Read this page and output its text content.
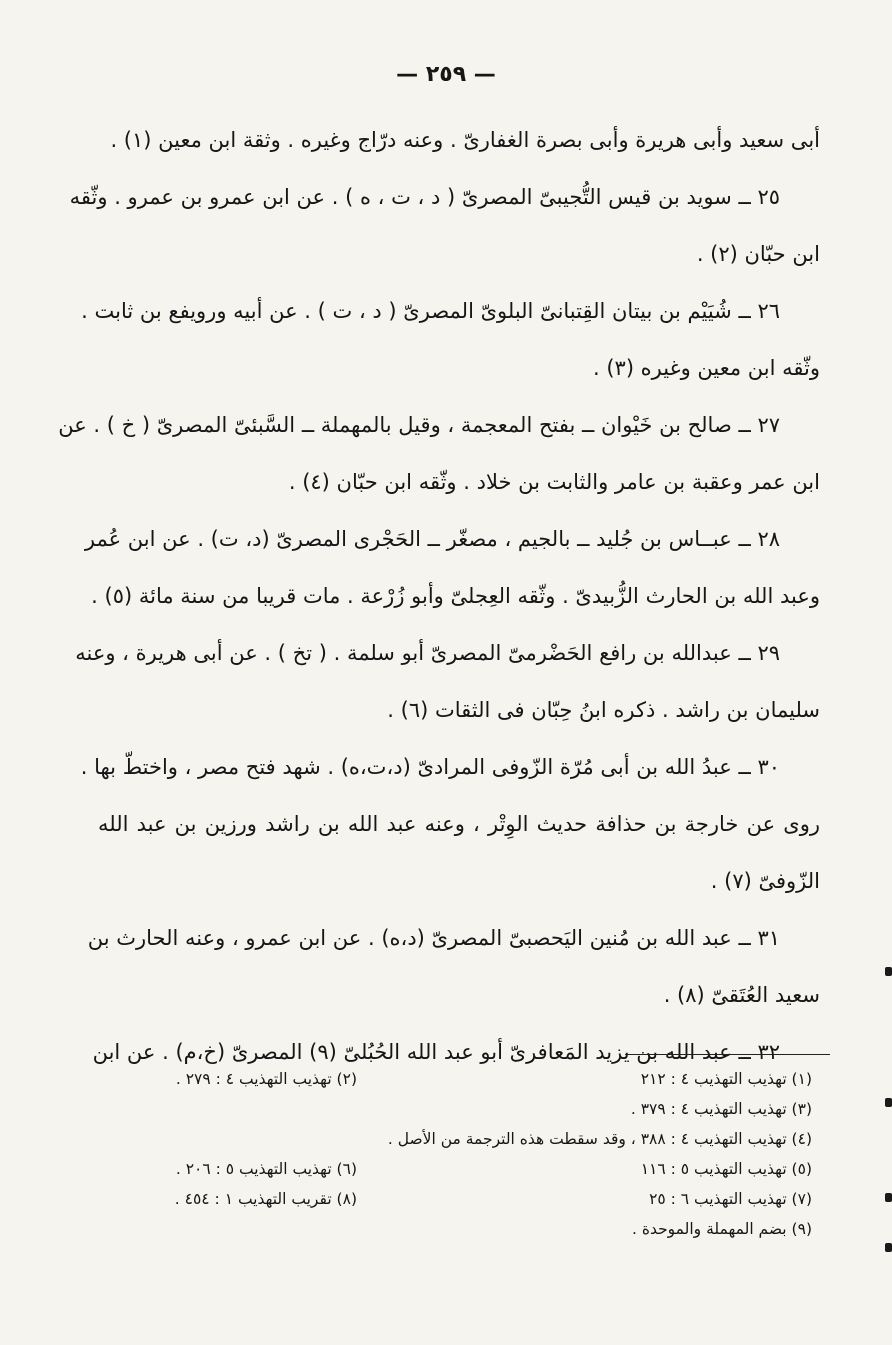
— ٢٥٩ —
أبى سعيد وأبى هريرة وأبى بصرة الغفارىّ . وعنه درّاج وغيره . وثقة ابن معين (١) .
٢٥ ــ سويد بن قيس التُّجيبىّ المصرىّ ( د ، ت ، ه ) . عن ابن عمرو بن عمرو . وثّقه
ابن حبّان (٢) .
٢٦ ــ شُيَيْم بن بيتان القِتبانىّ البلوىّ المصرىّ ( د ، ت ) . عن أبيه ورويفع بن ثابت .
وثّقه ابن معين وغيره (٣) .
٢٧ ــ صالح بن خَيْوان ــ بفتح المعجمة ، وقيل بالمهملة ــ السَّبئىّ المصرىّ ( خ ) . عن
ابن عمر وعقبة بن عامر والثابت بن خلاد . وثّقه ابن حبّان (٤) .
٢٨ ــ عبــاس بن جُليد ــ بالجيم ، مصغّر ــ الحَجْرى المصرىّ (د، ت) . عن ابن عُمر
وعبد الله بن الحارث الزُّبيدىّ . وثّقه العِجلىّ وأبو زُرْعة . مات قريبا من سنة مائة (٥) .
٢٩ ــ عبدالله بن رافع الحَضْرمىّ المصرىّ أبو سلمة . ( تخ ) . عن أبى هريرة ، وعنه
سليمان بن راشد . ذكره ابنُ حِبّان فى الثقات (٦) .
٣٠ ــ عبدُ الله بن أبى مُرّة الزّوفى المرادىّ (د،ت،ه) . شهد فتح مصر ، واختطّ بها .
روى عن خارجة بن حذافة حديث الوِتْر ، وعنه عبد الله بن راشد ورزين بن عبد الله
الزّوفىّ (٧) .
٣١ ــ عبد الله بن مُنين اليَحصبىّ المصرىّ (د،ه) . عن ابن عمرو ، وعنه الحارث بن
سعيد العُتَقىّ (٨) .
٣٢ ــ عبد الله بن يزيد المَعافرىّ أبو عبد الله الحُبُلىّ (٩) المصرىّ (خ،م) . عن ابن
(١) تهذيب التهذيب ٤ : ٢١٢
(٢) تهذيب التهذيب ٤ : ٢٧٩ .
(٣) تهذيب التهذيب ٤ : ٣٧٩ .
(٤) تهذيب التهذيب ٤ : ٣٨٨ ، وقد سقطت هذه الترجمة من الأصل .
(٥) تهذيب التهذيب ٥ : ١١٦
(٦) تهذيب التهذيب ٥ : ٢٠٦ .
(٧) تهذيب التهذيب ٦ : ٢٥
(٨) تقريب التهذيب ١ : ٤٥٤ .
(٩) بضم المهملة والموحدة .
